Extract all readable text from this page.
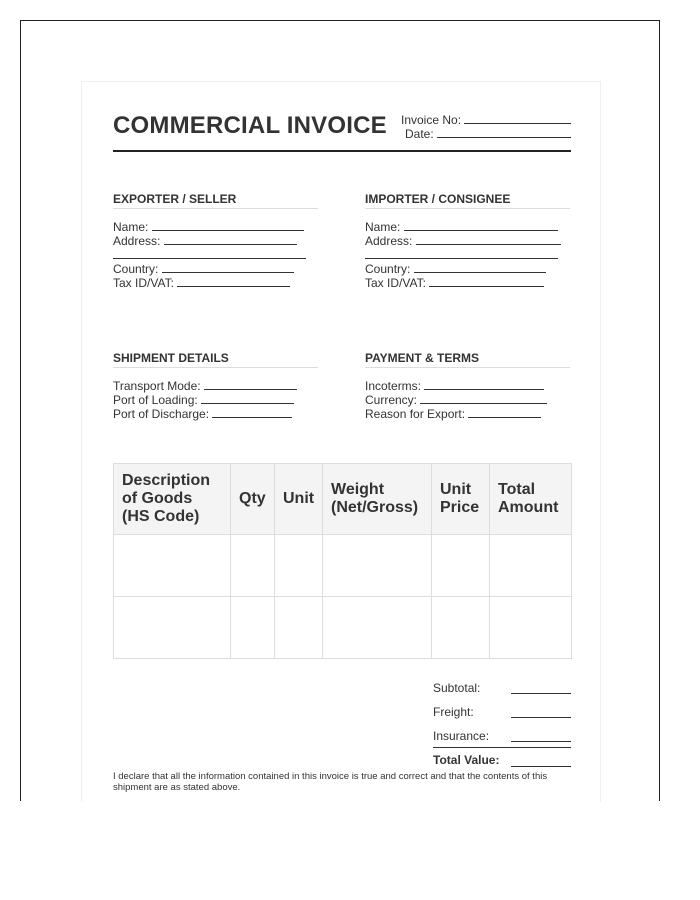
COMMERCIAL INVOICE Invoice No:
Date:
EXPORTER / SELLER
Name:
Address:
Country:
Tax ID/VAT:
IMPORTER / CONSIGNEE
Name:
Address:
Country:
Tax ID/VAT:
SHIPMENT DETAILS
Transport Mode:
Port of Loading:
Port of Discharge:
PAYMENT & TERMS
Incoterms:
Currency:
Reason for Export:
Description of Goods (HS Code)	Qty	Unit	Weight (Net/Gross)	Unit Price	Total Amount

Subtotal:
Freight:
Insurance:
Total Value:
I declare that all the information contained in this invoice is true and correct and that the contents of this shipment are as stated above.
